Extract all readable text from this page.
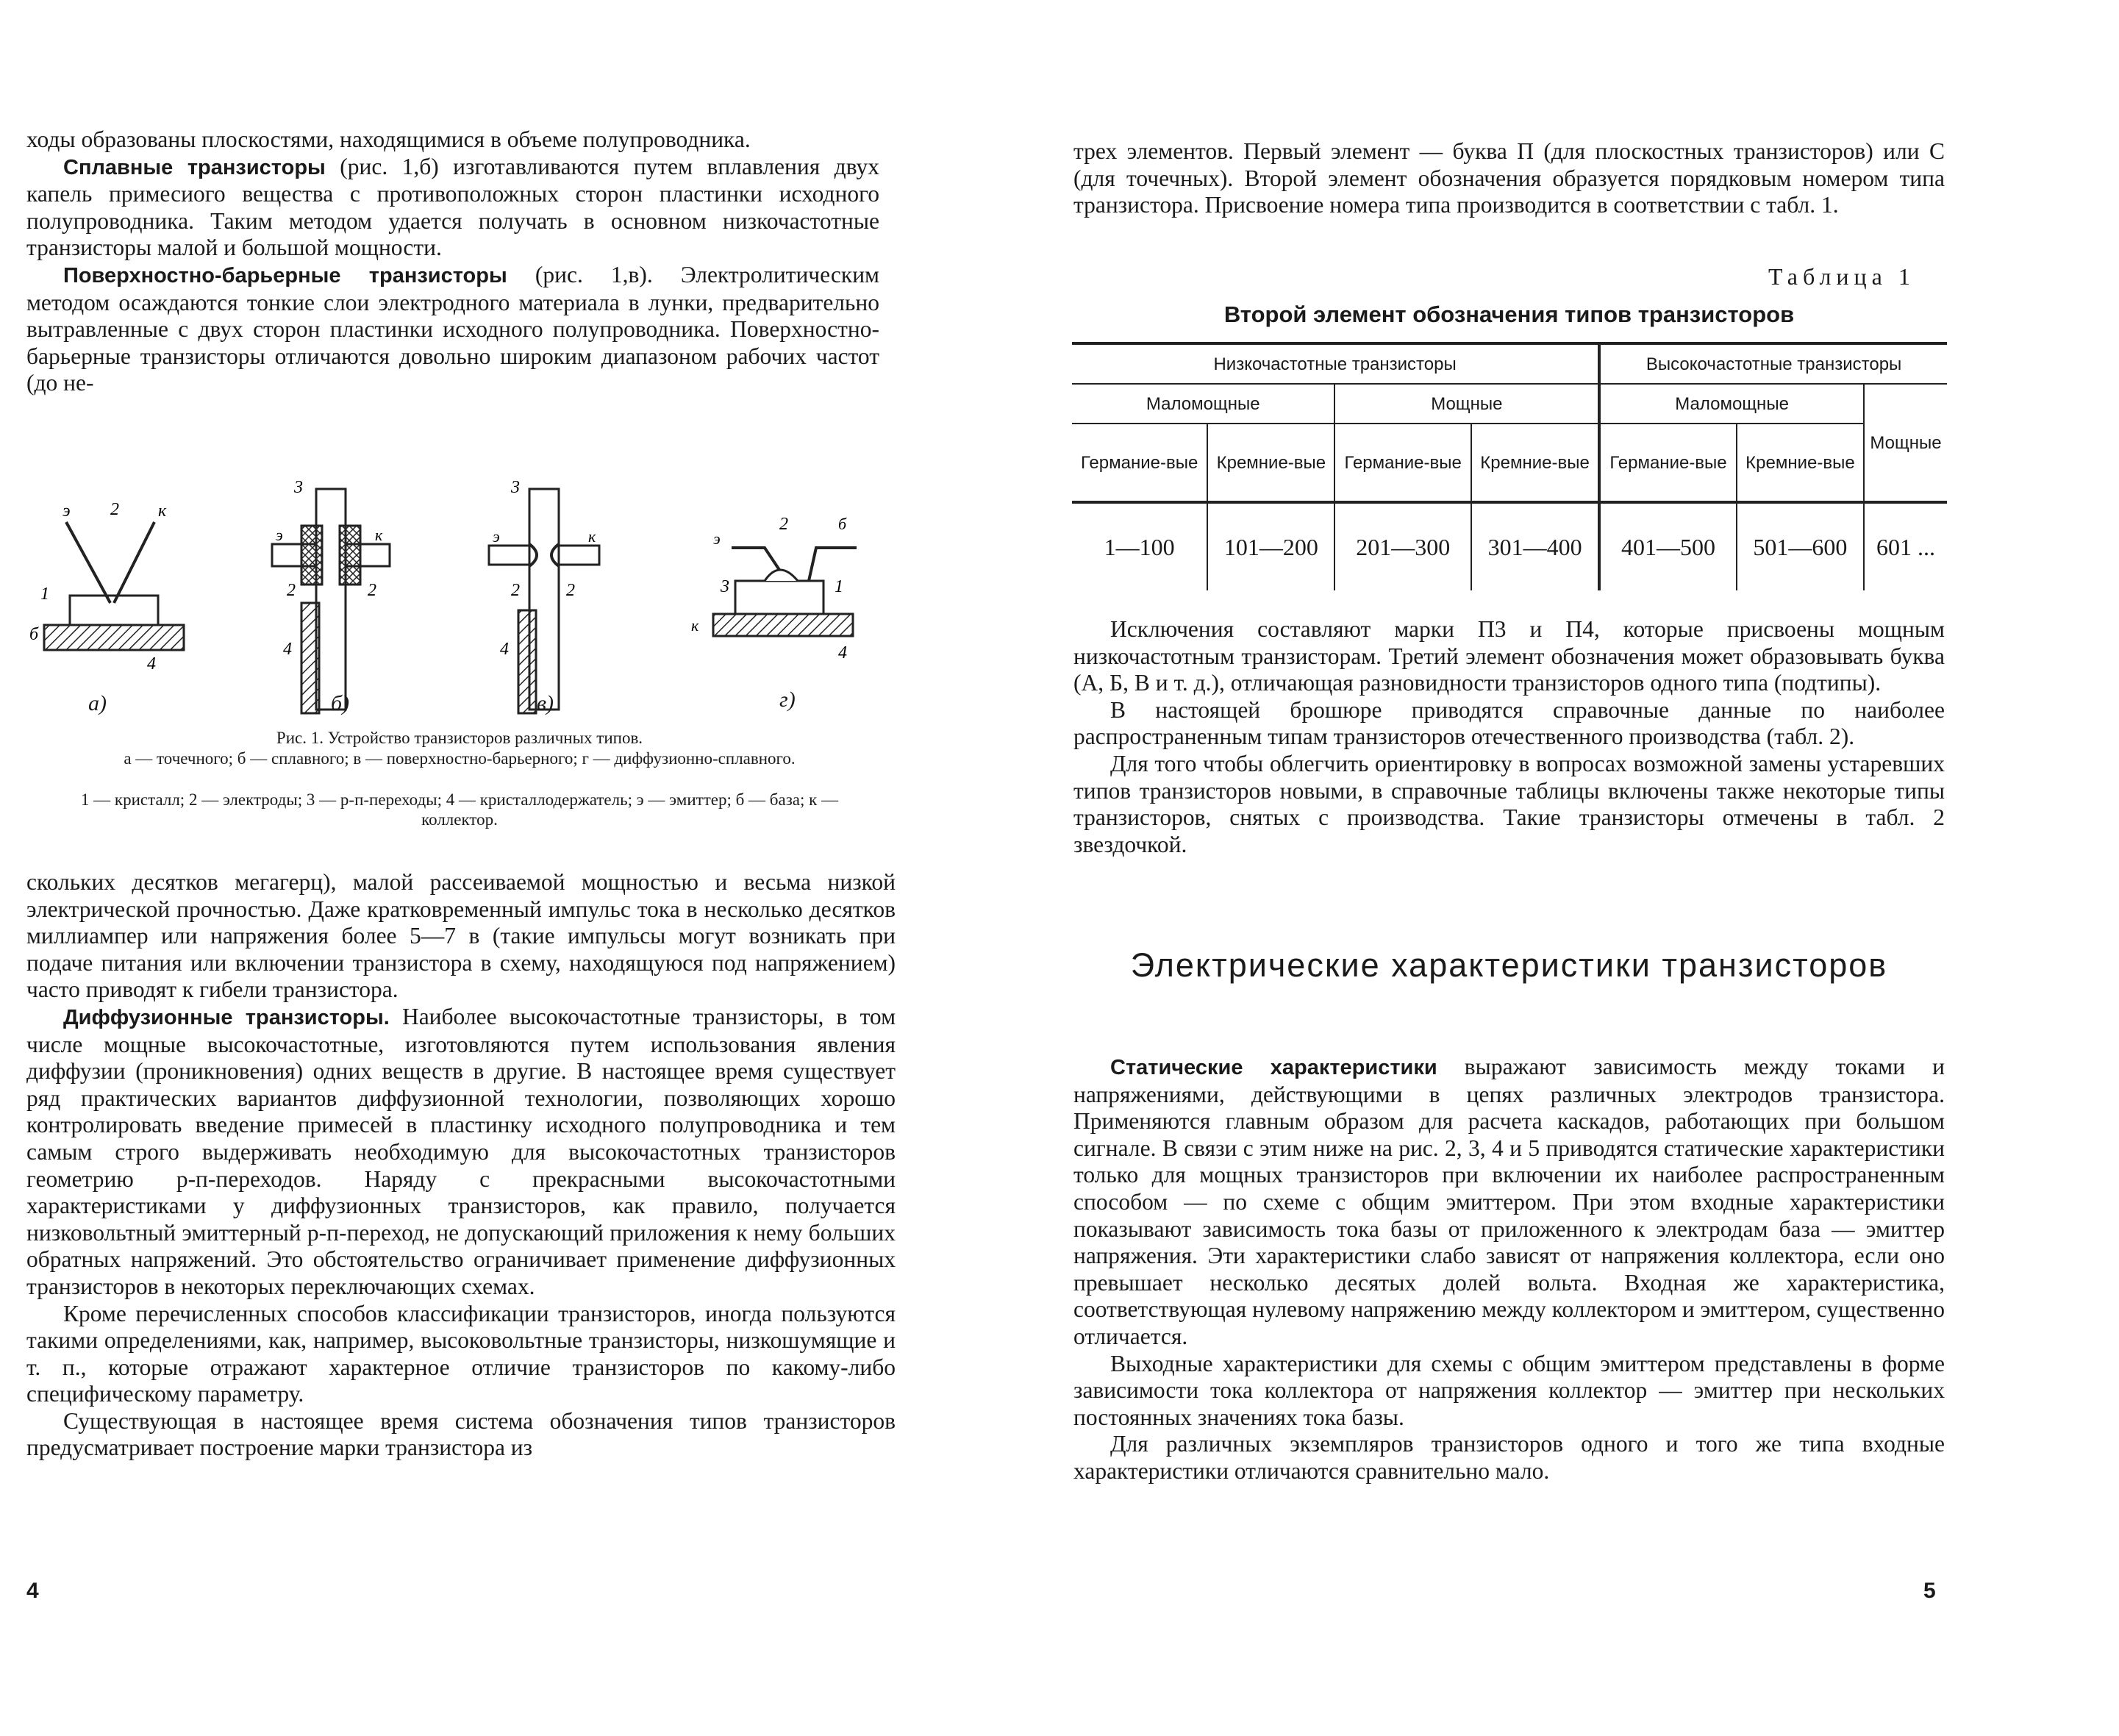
ходы образованы плоскостями, находящимися в объеме полупроводника.

Сплавные транзисторы (рис. 1,б) изготавливаются путем вплавления двух капель примесиого вещества с противоположных сторон пластинки исходного полупроводника. Таким методом удается получать в основном низкочастотные транзисторы малой и большой мощности.

Поверхностно-барьерные транзисторы (рис. 1,в). Электролитическим методом осаждаются тонкие слои электродного материала в лунки, предварительно вытравленные с двух сторон пластинки исходного полупроводника. Поверхностно-барьерные транзисторы отличаются довольно широким диапазоном рабочих частот (до не-

э 2 к
1
б
4
3
э	к
2	2
4
3
э	к
2	2
4
э
2	б
3	1
к
4
а)	б)	в)	г)
Рис. 1. Устройство транзисторов различных типов.
а — точечного; б — сплавного; в — поверхностно-барьерного; г — диффузионно-сплавного.
1 — кристалл; 2 — электроды; 3 — р-п-переходы; 4 — кристаллодержатель; э — эмиттер; б — база; к — коллектор.

скольких десятков мегагерц), малой рассеиваемой мощностью и весьма низкой электрической прочностью. Даже кратковременный импульс тока в несколько десятков миллиампер или напряжения более 5—7 в (такие импульсы могут возникать при подаче питания или включении транзистора в схему, находящуюся под напряжением) часто приводят к гибели транзистора.

Диффузионные транзисторы. Наиболее высокочастотные транзисторы, в том числе мощные высокочастотные, изготовляются путем использования явления диффузии (проникновения) одних веществ в другие. В настоящее время существует ряд практических вариантов диффузионной технологии, позволяющих хорошо контролировать введение примесей в пластинку исходного полупроводника и тем самым строго выдерживать необходимую для высокочастотных транзисторов геометрию р-п-переходов. Наряду с прекрасными высокочастотными характеристиками у диффузионных транзисторов, как правило, получается низковольтный эмиттерный р-п-переход, не допускающий приложения к нему больших обратных напряжений. Это обстоятельство ограничивает применение диффузионных транзисторов в некоторых переключающих схемах.

Кроме перечисленных способов классификации транзисторов, иногда пользуются такими определениями, как, например, высоковольтные транзисторы, низкошумящие и т. п., которые отражают характерное отличие транзисторов по какому-либо специфическому параметру.

Существующая в настоящее время система обозначения типов транзисторов предусматривает построение марки транзистора из

4

трех элементов. Первый элемент — буква П (для плоскостных транзисторов) или С (для точечных). Второй элемент обозначения образуется порядковым номером типа транзистора. Присвоение номера типа производится в соответствии с табл. 1.

Таблица 1
Второй элемент обозначения типов транзисторов
Низкочастотные транзисторы				Высокочастотные транзисторы		
Маломощные		Мощные		Маломощные		Мощные
Германие-вые	Кремние-вые	Германие-вые	Кремние-вые	Германие-вые	Кремние-вые	
1—100	101—200	201—300	301—400	401—500	501—600	601 ...

Исключения составляют марки П3 и П4, которые присвоены мощным низкочастотным транзисторам. Третий элемент обозначения может образовывать буква (А, Б, В и т. д.), отличающая разновидности транзисторов одного типа (подтипы).

В настоящей брошюре приводятся справочные данные по наиболее распространенным типам транзисторов отечественного производства (табл. 2).

Для того чтобы облегчить ориентировку в вопросах возможной замены устаревших типов транзисторов новыми, в справочные таблицы включены также некоторые типы транзисторов, снятых с производства. Такие транзисторы отмечены в табл. 2 звездочкой.

Электрические характеристики транзисторов

Статические характеристики выражают зависимость между токами и напряжениями, действующими в цепях различных электродов транзистора. Применяются главным образом для расчета каскадов, работающих при большом сигнале. В связи с этим ниже на рис. 2, 3, 4 и 5 приводятся статические характеристики только для мощных транзисторов при включении их наиболее распространенным способом — по схеме с общим эмиттером. При этом входные характеристики показывают зависимость тока базы от приложенного к электродам база — эмиттер напряжения. Эти характеристики слабо зависят от напряжения коллектора, если оно превышает несколько десятых долей вольта. Входная же характеристика, соответствующая нулевому напряжению между коллектором и эмиттером, существенно отличается.

Выходные характеристики для схемы с общим эмиттером представлены в форме зависимости тока коллектора от напряжения коллектор — эмиттер при нескольких постоянных значениях тока базы.

Для различных экземпляров транзисторов одного и того же типа входные характеристики отличаются сравнительно мало.

5
